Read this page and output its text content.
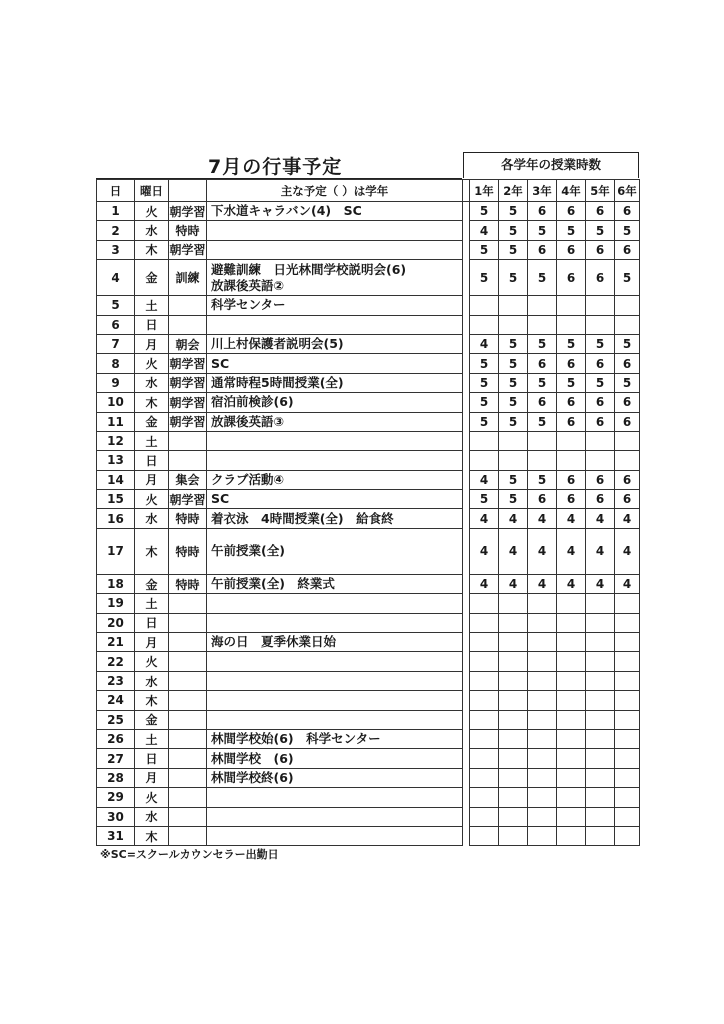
7月の行事予定	各学年の授業時数
日	曜日		主な予定（ ）は学年		1年	2年	3年	4年	5年	6年
1	火	朝学習	下水道キャラバン(4)　SC		5	5	6	6	6	6
2	水	特時			4	5	5	5	5	5
3	木	朝学習			5	5	6	6	6	6
4	金	訓練	避難訓練　日光林間学校説明会(6)
放課後英語②		5	5	5	6	6	5
5	土		科学センター							

6	日		

7	月	朝会	川上村保護者説明会(5)		4	5	5	5	5	5
8	火	朝学習	SC		5	5	6	6	6	6
9	水	朝学習	通常時程5時間授業(全)		5	5	5	5	5	5
10	木	朝学習	宿泊前検診(6)		5	5	6	6	6	6
11	金	朝学習	放課後英語③		5	5	5	6	6	6
12	土		

13	日		

14	月	集会	クラブ活動④		4	5	5	6	6	6
15	火	朝学習	SC		5	5	6	6	6	6
16	水	特時	着衣泳　4時間授業(全)　給食終		4	4	4	4	4	4
17	木	特時	午前授業(全)		4	4	4	4	4	4
18	金	特時	午前授業(全)　終業式		4	4	4	4	4	4
19	土		

20	日		

21	月		海の日　夏季休業日始							

22	火		

23	水		

24	木		

25	金		

26	土		林間学校始(6)　科学センター							

27	日		林間学校　(6)							

28	月		林間学校終(6)							

29	火		

30	水		

31	木		

※SC=スクールカウンセラー出勤日
